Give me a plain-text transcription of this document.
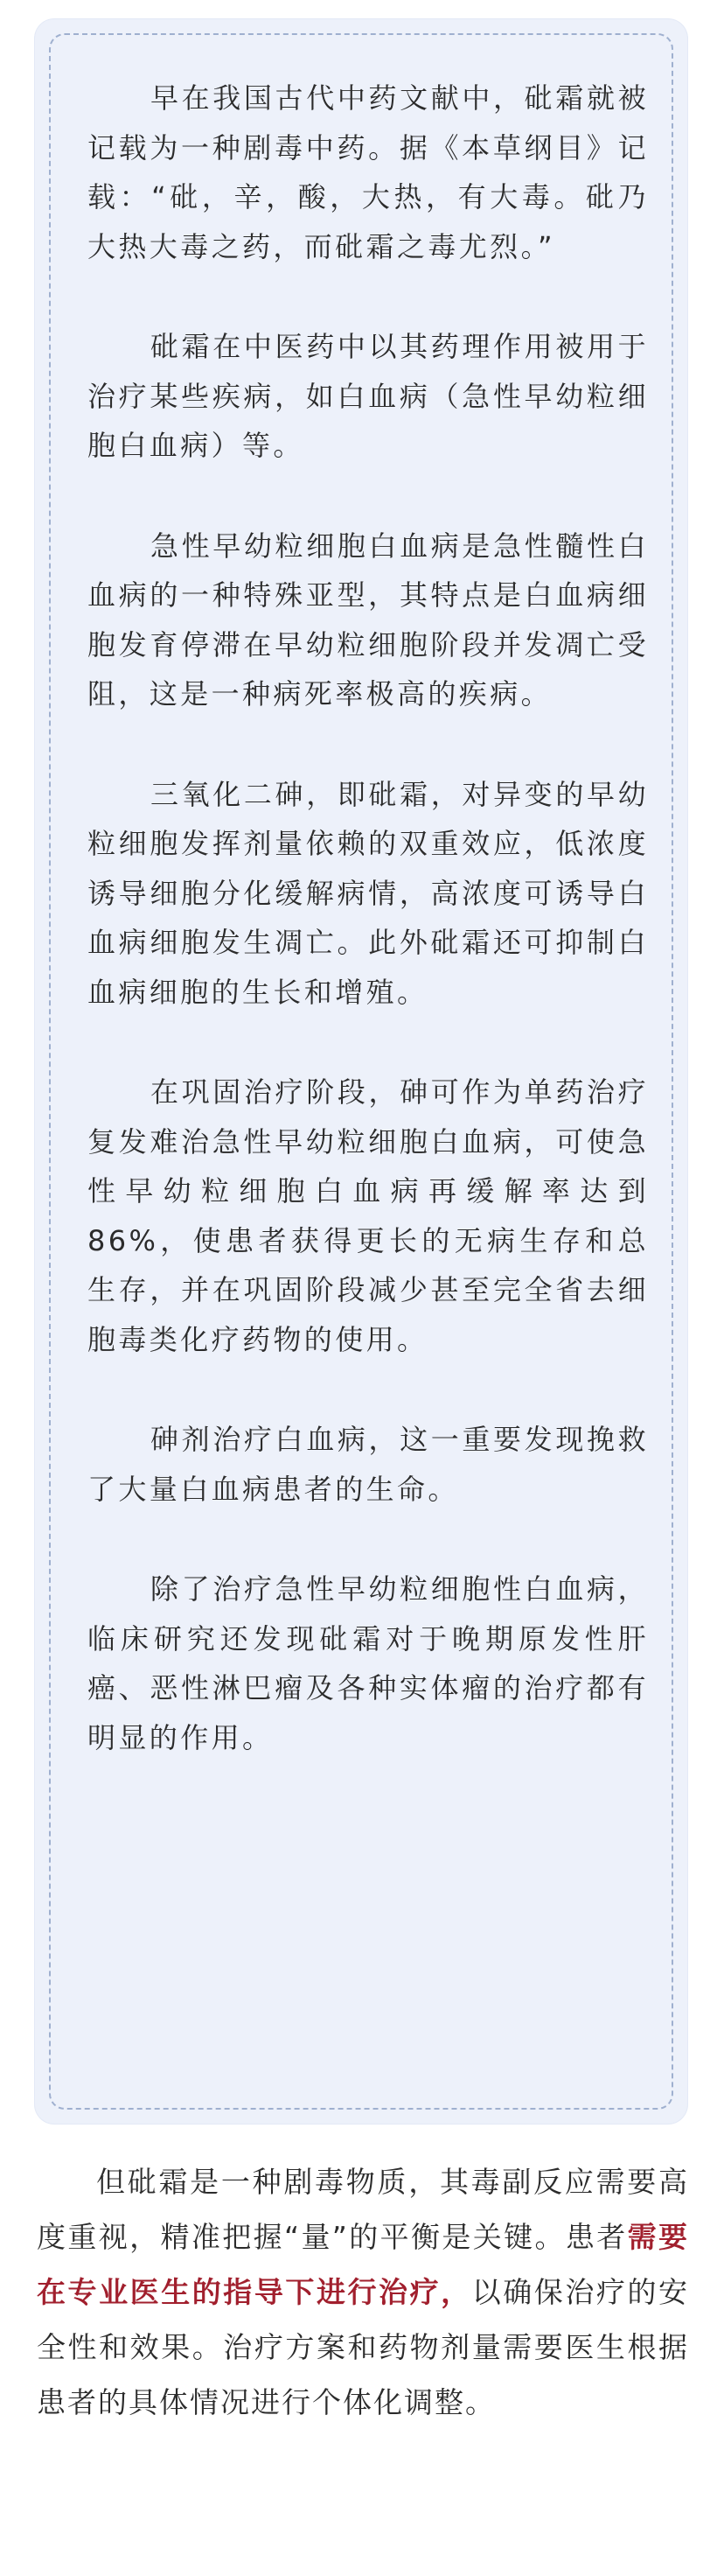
早在我国古代中药文献中，砒霜就被记载为一种剧毒中药。据《本草纲目》记载：“砒，辛，酸，大热，有大毒。砒乃大热大毒之药，而砒霜之毒尤烈。”

砒霜在中医药中以其药理作用被用于治疗某些疾病，如白血病（急性早幼粒细胞白血病）等。

急性早幼粒细胞白血病是急性髓性白血病的一种特殊亚型，其特点是白血病细胞发育停滞在早幼粒细胞阶段并发凋亡受阻，这是一种病死率极高的疾病。

三氧化二砷，即砒霜，对异变的早幼粒细胞发挥剂量依赖的双重效应，低浓度诱导细胞分化缓解病情，高浓度可诱导白血病细胞发生凋亡。此外砒霜还可抑制白血病细胞的生长和增殖。

在巩固治疗阶段，砷可作为单药治疗复发难治急性早幼粒细胞白血病，可使急性早幼粒细胞白血病再缓解率达到86%，使患者获得更长的无病生存和总生存，并在巩固阶段减少甚至完全省去细胞毒类化疗药物的使用。

砷剂治疗白血病，这一重要发现挽救了大量白血病患者的生命。

除了治疗急性早幼粒细胞性白血病，临床研究还发现砒霜对于晚期原发性肝癌、恶性淋巴瘤及各种实体瘤的治疗都有明显的作用。

但砒霜是一种剧毒物质，其毒副反应需要高度重视，精准把握“量”的平衡是关键。患者需要在专业医生的指导下进行治疗，以确保治疗的安全性和效果。治疗方案和药物剂量需要医生根据患者的具体情况进行个体化调整。
